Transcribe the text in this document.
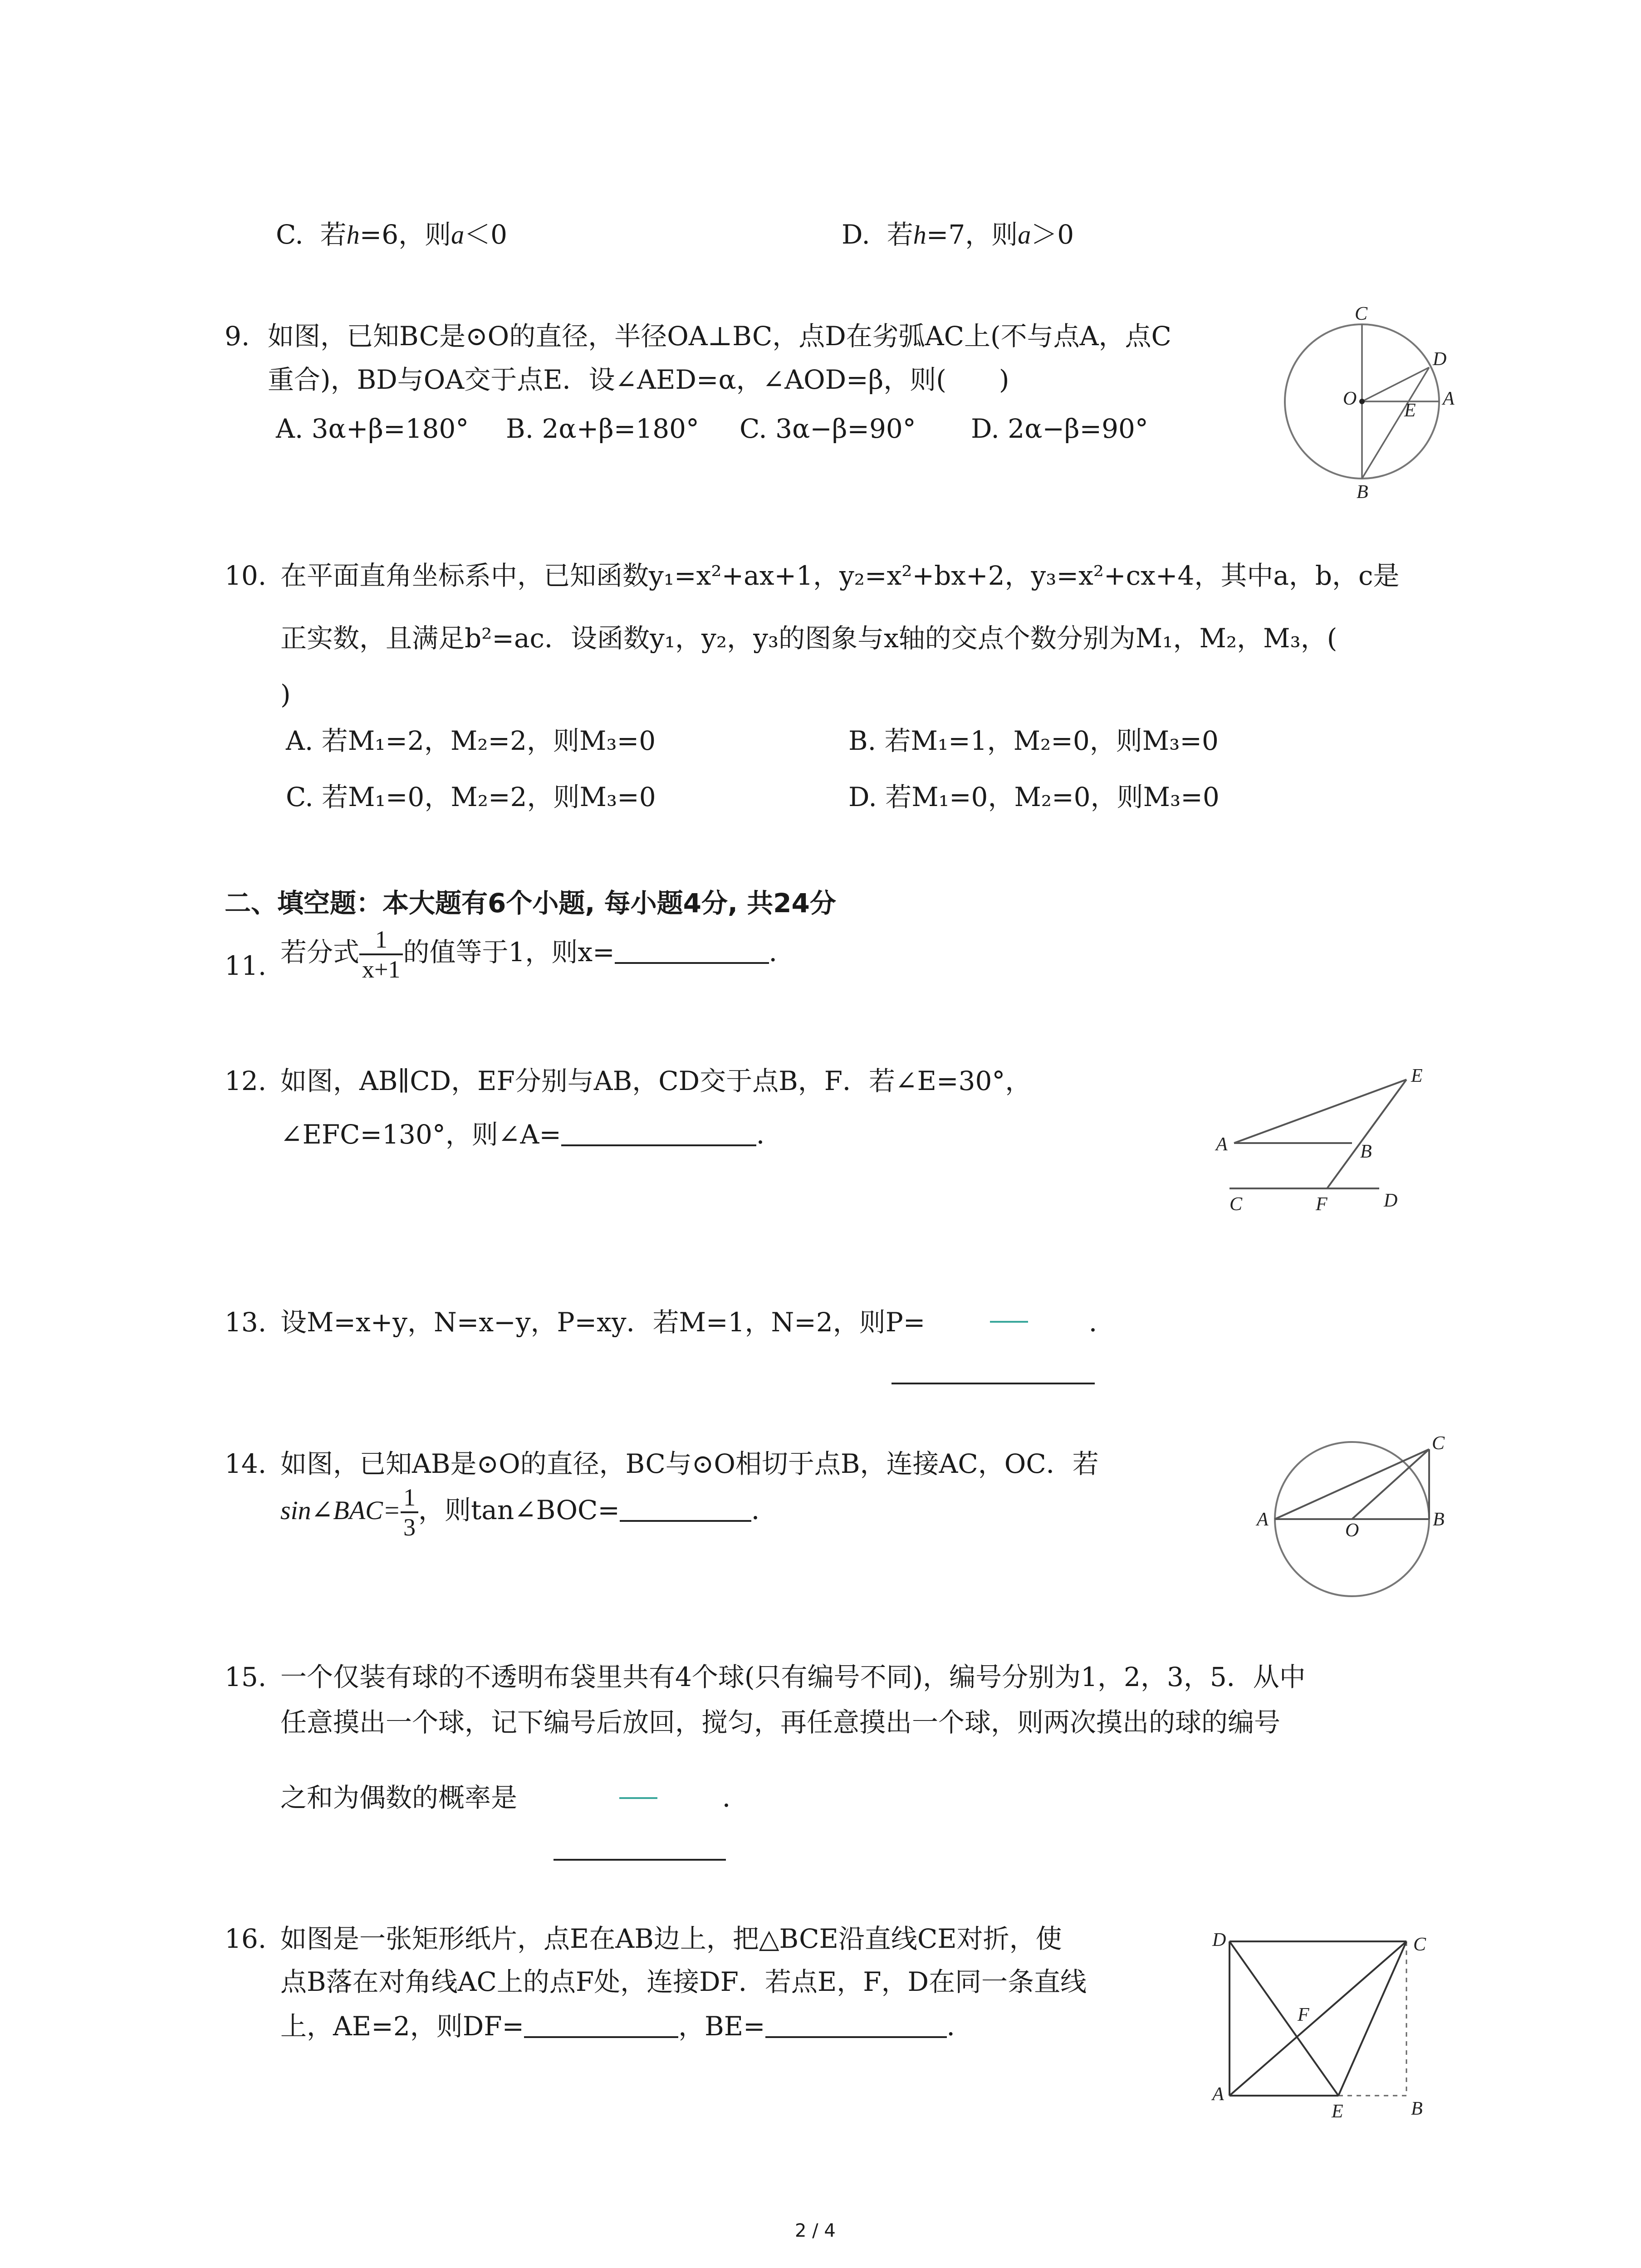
C. 若h=6，则a＜0	D. 若h=7，则a＞0
9. 如图，已知BC是⊙O的直径，半径OA⊥BC，点D在劣弧AC上(不与点A，点C
重合)，BD与OA交于点E．设∠AED=α，∠AOD=β，则(　　)
A. 3α+β=180° B. 2α+β=180° C. 3α−β=90° D. 2α−β=90°
C
D
O	A
E
B
10. 在平面直角坐标系中，已知函数y₁=x²+ax+1，y₂=x²+bx+2，y₃=x²+cx+4，其中a，b，c是
正实数，且满足b²=ac．设函数y₁，y₂，y₃的图象与x轴的交点个数分别为M₁，M₂，M₃，(
)
A. 若M₁=2，M₂=2，则M₃=0	B. 若M₁=1，M₂=0，则M₃=0
C. 若M₁=0，M₂=2，则M₃=0	D. 若M₁=0，M₂=0，则M₃=0
二、填空题：本大题有6个小题, 每小题4分, 共24分
11. 若分式 $\frac{1}{x+1}$ 的值等于1，则x=	．
12. 如图，AB∥CD，EF分别与AB，CD交于点B，F．若∠E=30°，
∠EFC=130°，则∠A=	．
E
A	B
C	F	D
13. 设M=x+y，N=x−y，P=xy．若M=1，N=2，则P=	．
14. 如图，已知AB是⊙O的直径，BC与⊙O相切于点B，连接AC，OC．若
sin∠BAC= $\frac{1}{3}$ ，则tan∠BOC=	．
C
A
O
B
15. 一个仅装有球的不透明布袋里共有4个球(只有编号不同)，编号分别为1，2，3，5．从中
任意摸出一个球，记下编号后放回，搅匀，再任意摸出一个球，则两次摸出的球的编号
之和为偶数的概率是	．
16. 如图是一张矩形纸片，点E在AB边上，把△BCE沿直线CE对折，使
点B落在对角线AC上的点F处，连接DF．若点E，F，D在同一条直线
上，AE=2，则DF=	，BE=	．
D	C
F
A
E	B
2 / 4
